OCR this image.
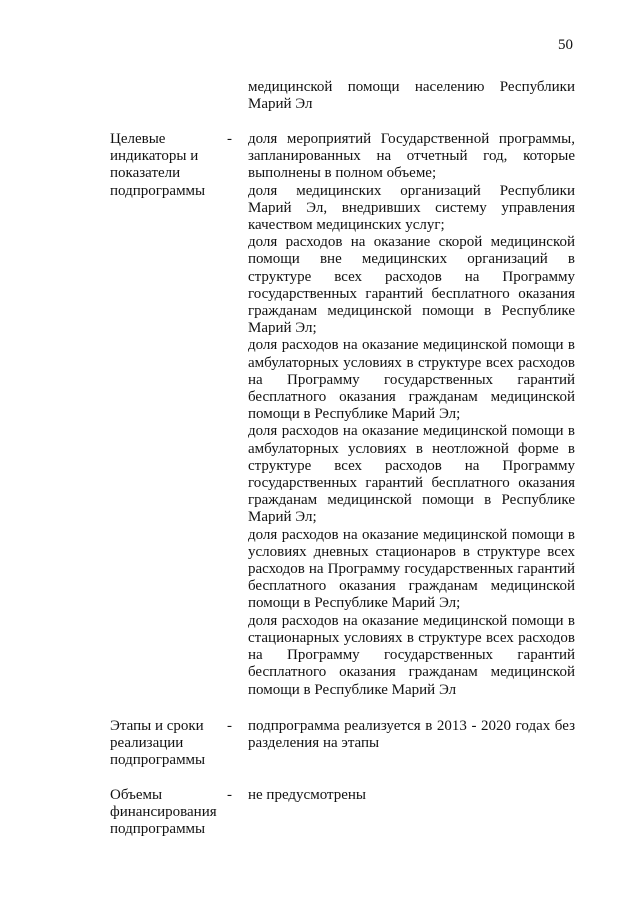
50
медицинской помощи населению Республики Марий Эл
Целевые индикаторы и показатели подпрограммы
- доля мероприятий Государственной программы, запланированных на отчетный год, которые выполнены в полном объеме;
доля медицинских организаций Республики Марий Эл, внедривших систему управления качеством медицинских услуг;
доля расходов на оказание скорой медицинской помощи вне медицинских организаций в структуре всех расходов на Программу государственных гарантий бесплатного оказания гражданам медицинской помощи в Республике Марий Эл;
доля расходов на оказание медицинской помощи в амбулаторных условиях в структуре всех расходов на Программу государственных гарантий бесплатного оказания гражданам медицинской помощи в Республике Марий Эл;
доля расходов на оказание медицинской помощи в амбулаторных условиях в неотложной форме в структуре всех расходов на Программу государственных гарантий бесплатного оказания гражданам медицинской помощи в Республике Марий Эл;
доля расходов на оказание медицинской помощи в условиях дневных стационаров в структуре всех расходов на Программу государственных гарантий бесплатного оказания гражданам медицинской помощи в Республике Марий Эл;
доля расходов на оказание медицинской помощи в стационарных условиях в структуре всех расходов на Программу государственных гарантий бесплатного оказания гражданам медицинской помощи в Республике Марий Эл
Этапы и сроки реализации подпрограммы
- подпрограмма реализуется в 2013 - 2020 годах без разделения на этапы
Объемы финансирования подпрограммы
- не предусмотрены
